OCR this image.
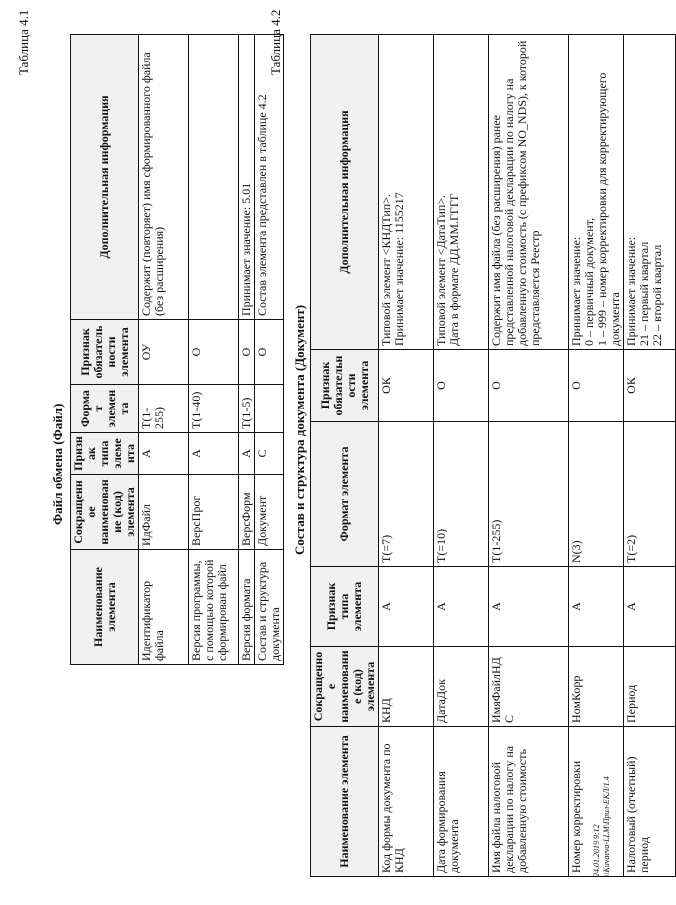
Таблица 4.1
Файл обмена (Файл)
Наименование элемента	Сокращенное наименование (код) элемента	Признак типа элемента	Формат элемента	Признак обязательности элемента	Дополнительная информация
Идентификатор файла	ИдФайл	А	T(1-255)	ОУ	Содержит (повторяет) имя сформированного файла (без расширения)
Версия программы, с помощью которой сформирован файл	ВерсПрог	А	T(1-40)	О	
Версия формата	ВерсФорм	А	T(1-5)	О	Принимает значение: 5.01
Состав и структура документа	Документ	С		О	Состав элемента представлен в таблице 4.2
Таблица 4.2
Состав и структура документа (Документ)
Наименование элемента	Сокращенное наименование (код) элемента	Признак типа элемента	Формат элемента	Признак обязательности элемента	Дополнительная информация
Код формы документа по КНД	КНД	А	T(=7)	ОК	Типовой элемент <КНДТип>. Принимает значение: 1155217

Дата формирования документа	ДатаДок	А	T(=10)	О	Типовой элемент <ДатаТип>. Дата в формате ДД.ММ.ГГГГ

Имя файла налоговой декларации по налогу на добавленную стоимость	ИмяФайлНДС	А	T(1-255)	О	Содержит имя файла (без расширения) ранее представленной налоговой декларации по налогу на добавленную стоимость (с префиксом NO_NDS), к которой представляется Реестр
Номер корректировки	НомКорр	А	N(3)	О	Принимает значение: 0 – первичный документ, 1 – 999 – номер корректировки для корректирующего документа

Налоговый (отчетный) период	Период	А	T(=2)	ОК	Принимает значение: 21 – первый квартал 22 – второй квартал
24.01.2019 9:12 \\Kuvaeva-LLM\Прил-ЕКЛ/1.4
